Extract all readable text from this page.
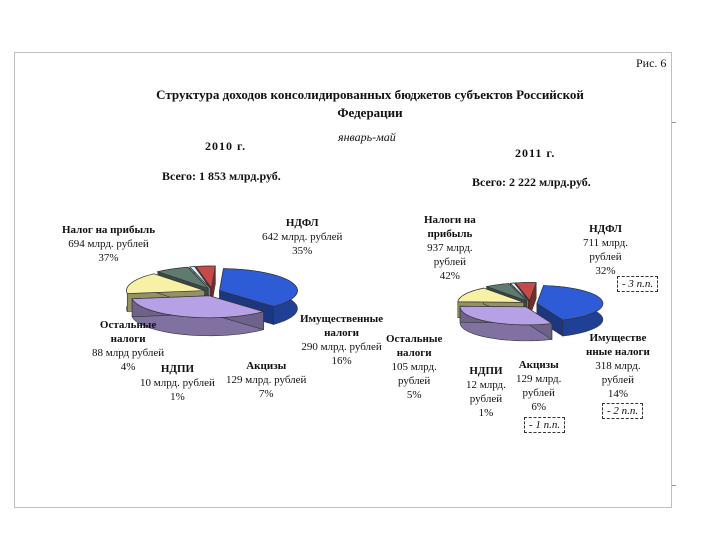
Рис. 6
Структура доходов консолидированных бюджетов субъектов Российской Федерации
январь-май
2010 г.	2011 г.
Всего: 1 853 млрд.руб.	Всего: 2 222 млрд.руб.
Налог на прибыль
694 млрд. рублей
37%
НДФЛ
642 млрд. рублей
35%
Имущественные
налоги
290 млрд. рублей
16%
Остальные
налоги
88 млрд рублей
4%	НДПИ
10 млрд. рублей
1%
Акцизы
129 млрд. рублей
7%
Налоги на
прибыль
937 млрд.
рублей
42%
НДФЛ
711 млрд.
рублей
32%
Остальные
налоги
105 млрд.
рублей
5%
НДПИ
12 млрд.
рублей
1%
Акцизы
129 млрд.
рублей
6%
Имуществе
нные налоги
318 млрд.
рублей
14%
- 3 п.п.
- 1 п.п.
- 2 п.п.
